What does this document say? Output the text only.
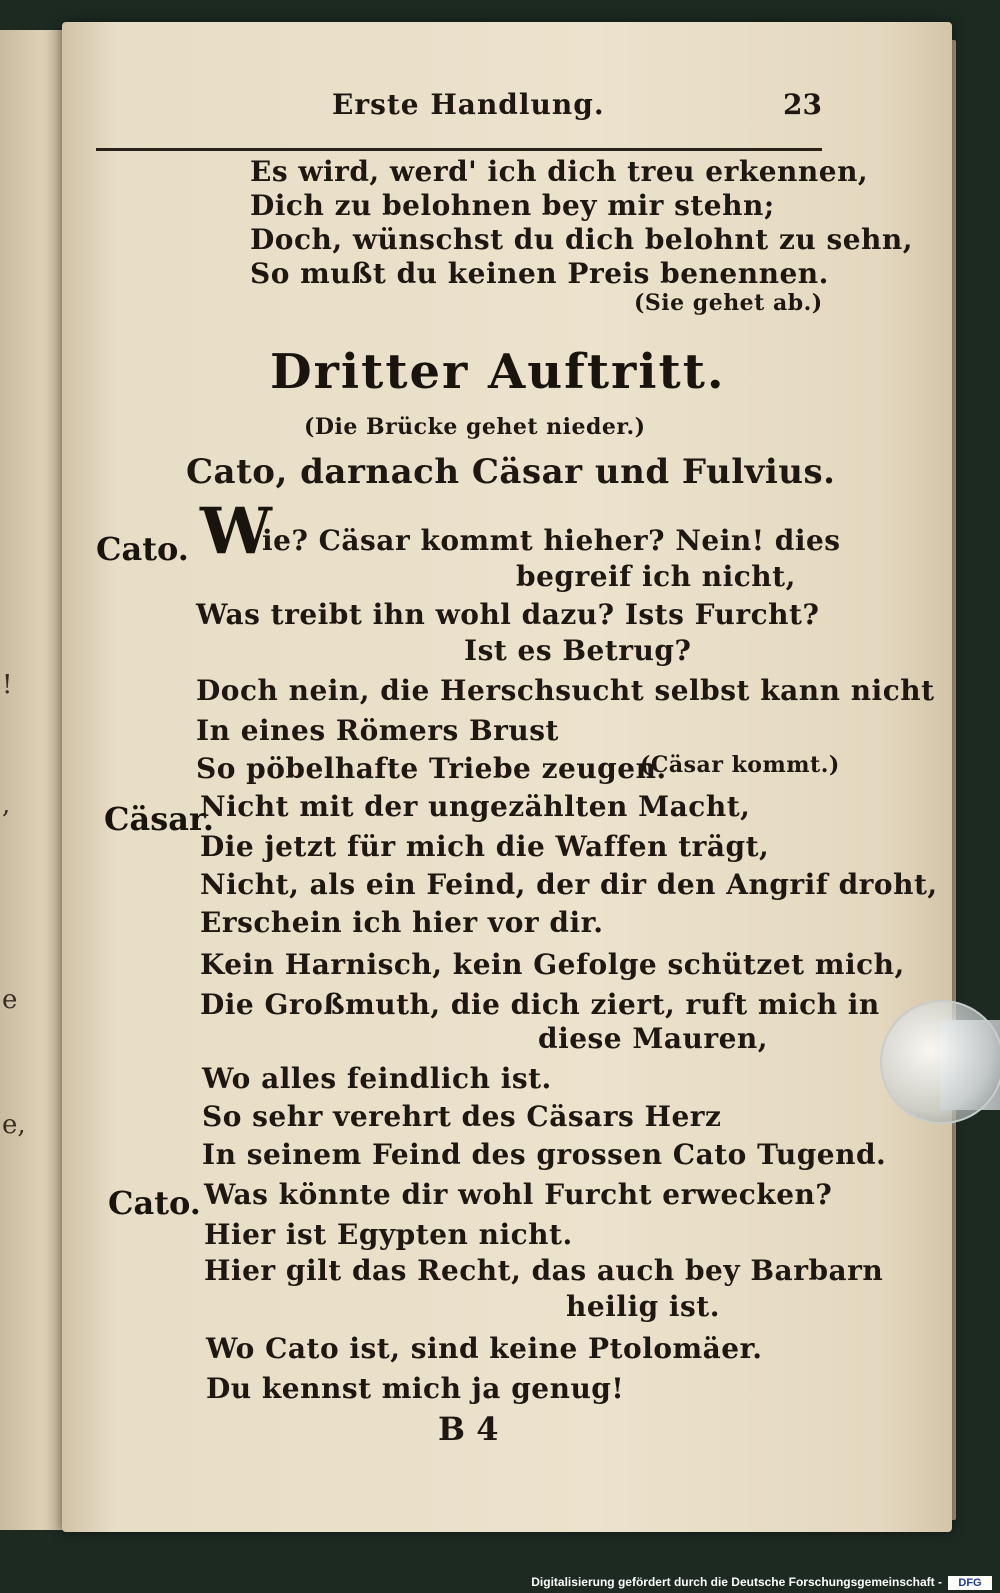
!
,
e
e,
Erste Handlung.	23
Es wird, werd' ich dich treu erkennen,
Dich zu belohnen bey mir stehn;
Doch, wünschst du dich belohnt zu sehn,
So mußt du keinen Preis benennen.
(Sie gehet ab.)
Dritter Auftritt.
(Die Brücke gehet nieder.)
Cato, darnach Cäsar und Fulvius.
Cato. W
ie? Cäsar kommt hieher? Nein! dies
begreif ich nicht,
Was treibt ihn wohl dazu? Ists Furcht?
Ist es Betrug?
Doch nein, die Herschsucht selbst kann nicht
In eines Römers Brust
So pöbelhafte Triebe zeugen.
(Cäsar kommt.)
Cäsar.
Nicht mit der ungezählten Macht,
Die jetzt für mich die Waffen trägt,
Nicht, als ein Feind, der dir den Angrif droht,
Erschein ich hier vor dir.
Kein Harnisch, kein Gefolge schützet mich,
Die Großmuth, die dich ziert, ruft mich in
diese Mauren,
Wo alles feindlich ist.
So sehr verehrt des Cäsars Herz
In seinem Feind des grossen Cato Tugend.
Cato. Was könnte dir wohl Furcht erwecken?
Hier ist Egypten nicht.
Hier gilt das Recht, das auch bey Barbarn
heilig ist.
Wo Cato ist, sind keine Ptolomäer.
Du kennst mich ja genug!
B 4
Digitalisierung gefördert durch die Deutsche Forschungsgemeinschaft -	DFG
